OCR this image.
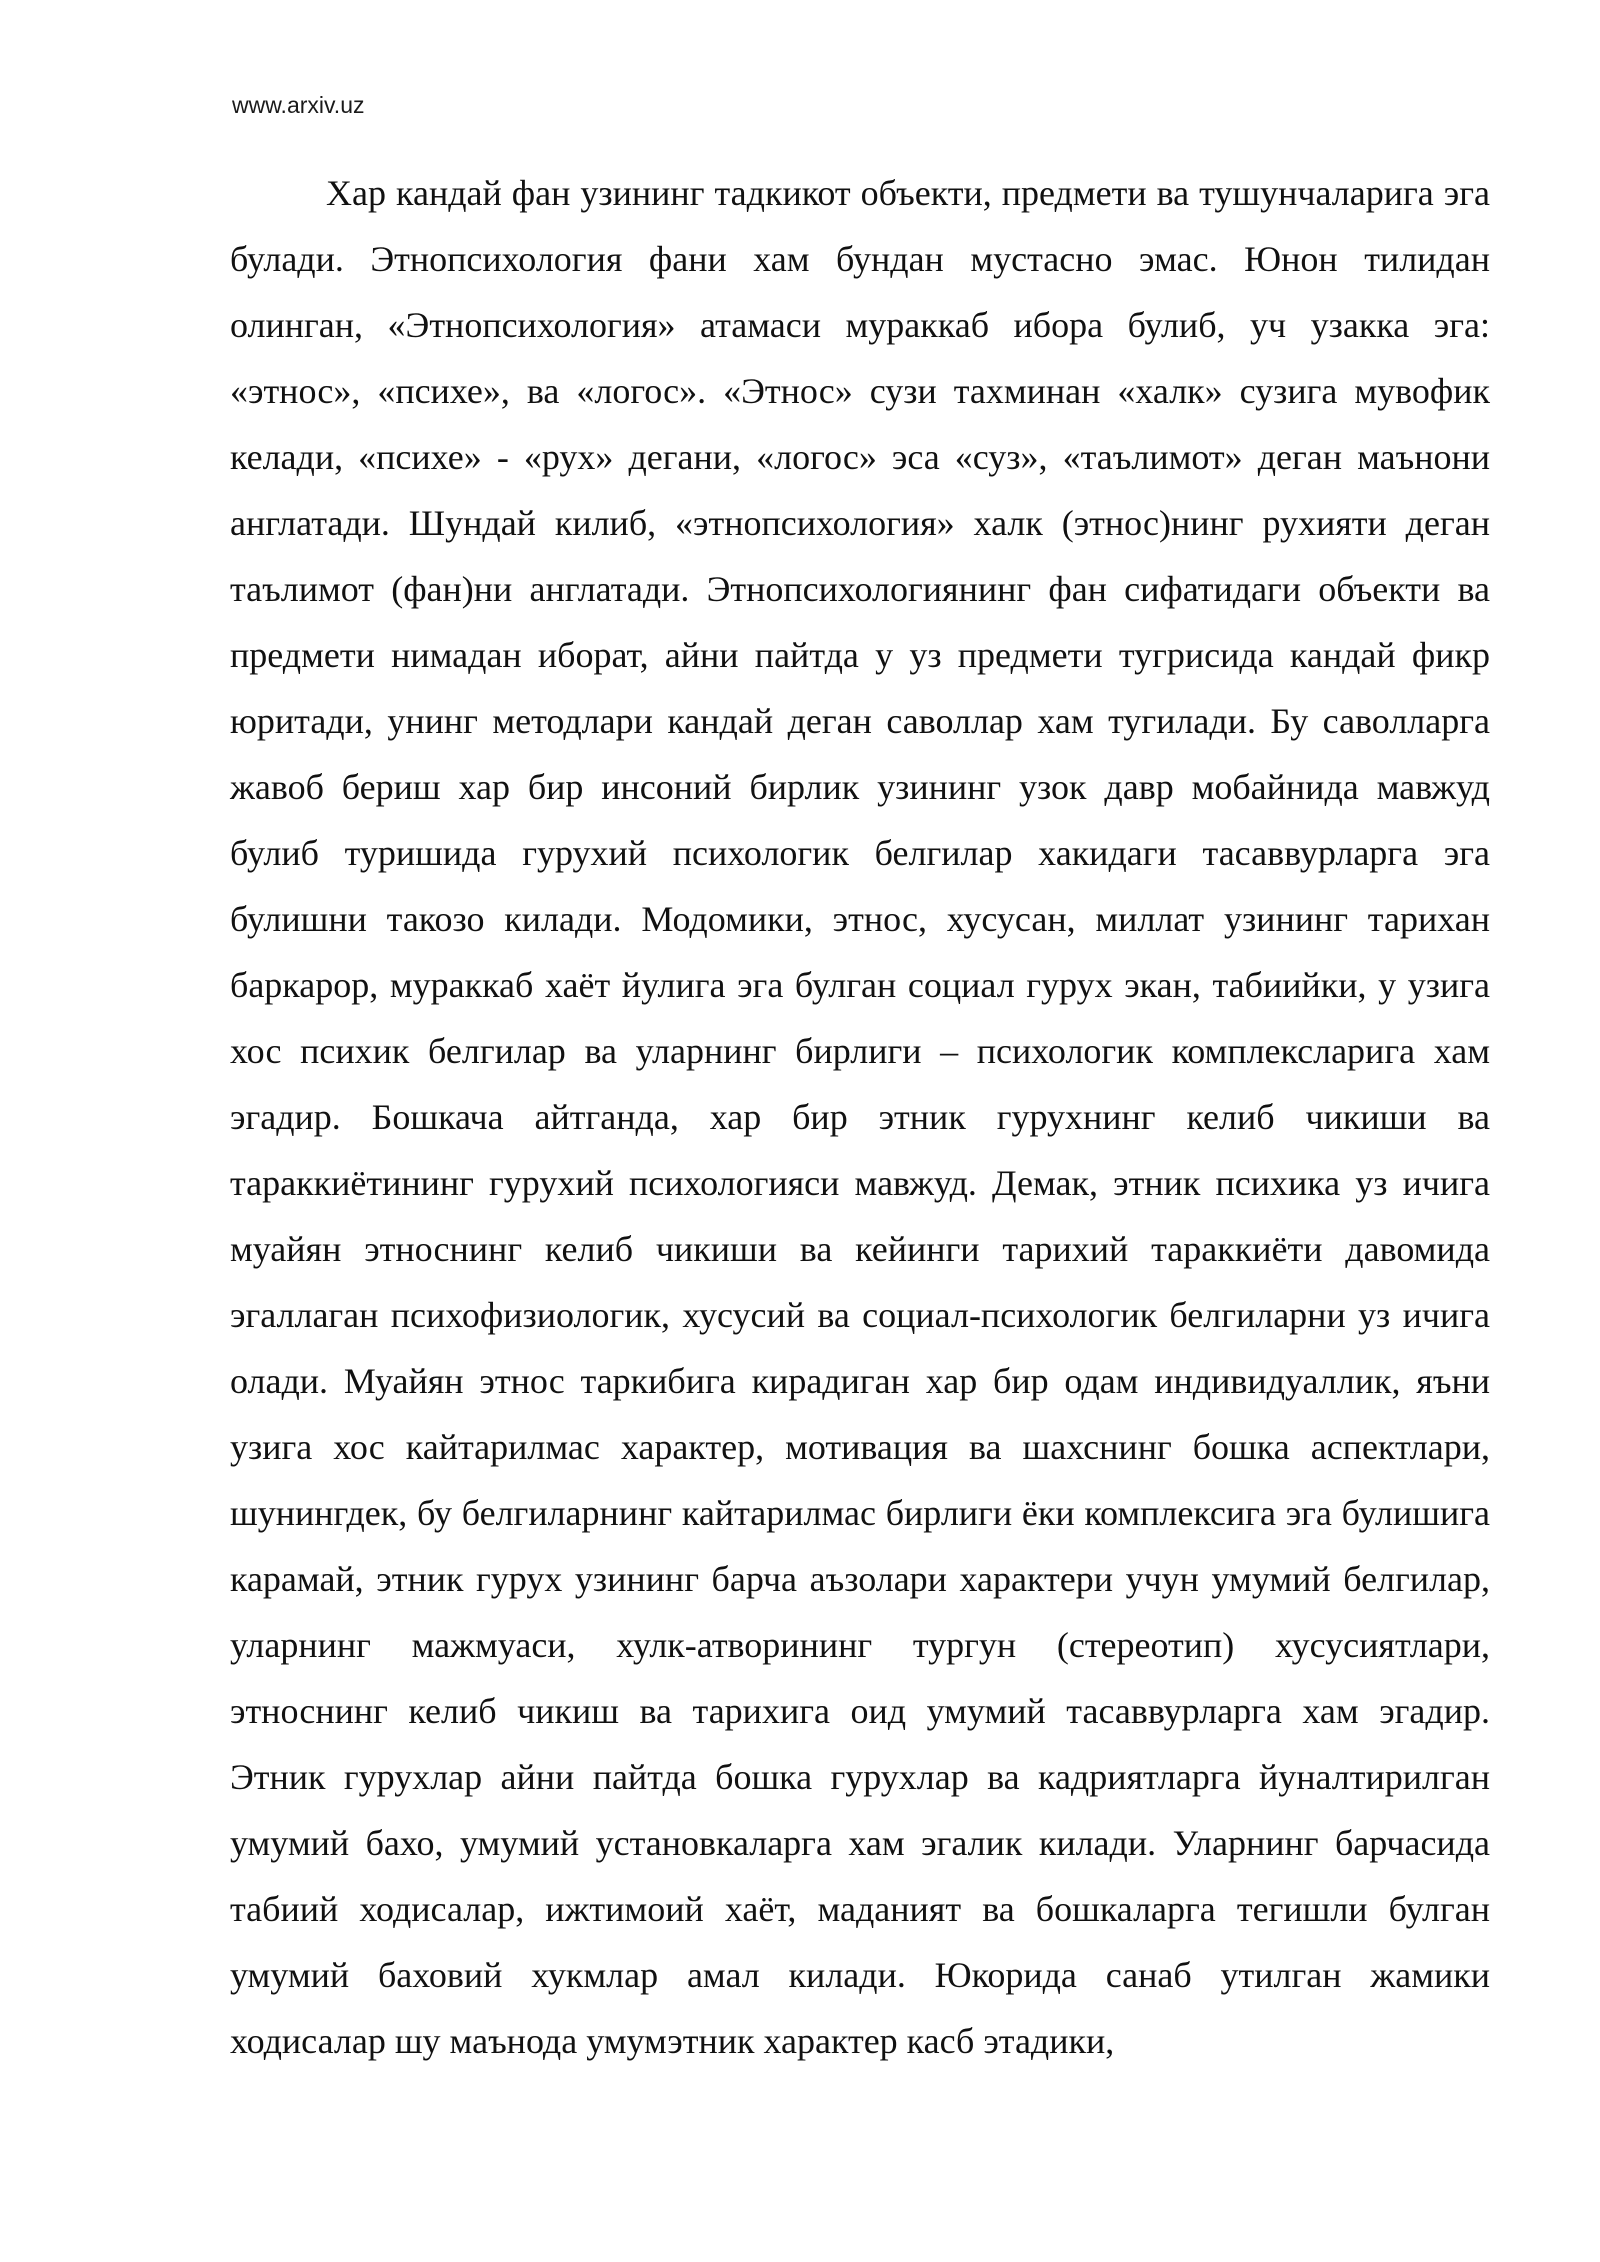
www.arxiv.uz

Хар кандай фан узининг тадкикот объекти, предмети ва тушунчаларига эга булади. Этнопсихология фани хам бундан мустасно эмас. Юнон тилидан олинган, «Этнопсихология» атамаси мураккаб ибора булиб, уч узакка эга: «этнос», «психе», ва «логос». «Этнос» сузи тахминан «халк» сузига мувофик келади, «психе» - «рух» дегани, «логос» эса «суз», «таълимот» деган маънони англатади. Шундай килиб, «этнопсихология» халк (этнос)нинг рухияти деган таълимот (фан)ни англатади. Этнопсихологиянинг фан сифатидаги объекти ва предмети нимадан иборат, айни пайтда у уз предмети тугрисида кандай фикр юритади, унинг методлари кандай деган саволлар хам тугилади. Бу саволларга жавоб бериш хар бир инсоний бирлик узининг узок давр мобайнида мавжуд булиб туришида гурухий психологик белгилар хакидаги тасаввурларга эга булишни такозо килади. Модомики, этнос, хусусан, миллат узининг тарихан баркарор, мураккаб хаёт йулига эга булган социал гурух экан, табиийки, у узига хос психик белгилар ва уларнинг бирлиги – психологик комплексларига хам эгадир. Бошкача айтганда, хар бир этник гурухнинг келиб чикиши ва тараккиётининг гурухий психологияси мавжуд. Демак, этник психика уз ичига муайян этноснинг келиб чикиши ва кейинги тарихий тараккиёти давомида эгаллаган психофизиологик, хусусий ва социал-психологик белгиларни уз ичига олади. Муайян этнос таркибига кирадиган хар бир одам индивидуаллик, яъни узига хос кайтарилмас характер, мотивация ва шахснинг бошка аспектлари, шунингдек, бу белгиларнинг кайтарилмас бирлиги ёки комплексига эга булишига карамай, этник гурух узининг барча аъзолари характери учун умумий белгилар, уларнинг мажмуаси, хулк-атворининг тургун (стереотип) хусусиятлари, этноснинг келиб чикиш ва тарихига оид умумий тасаввурларга хам эгадир. Этник гурухлар айни пайтда бошка гурухлар ва кадриятларга йуналтирилган умумий бахо, умумий установкаларга хам эгалик килади. Уларнинг барчасида табиий ходисалар, ижтимоий хаёт, маданият ва бошкаларга тегишли булган умумий баховий хукмлар амал килади. Юкорида санаб утилган жамики ходисалар шу маънода умумэтник характер касб этадики,
